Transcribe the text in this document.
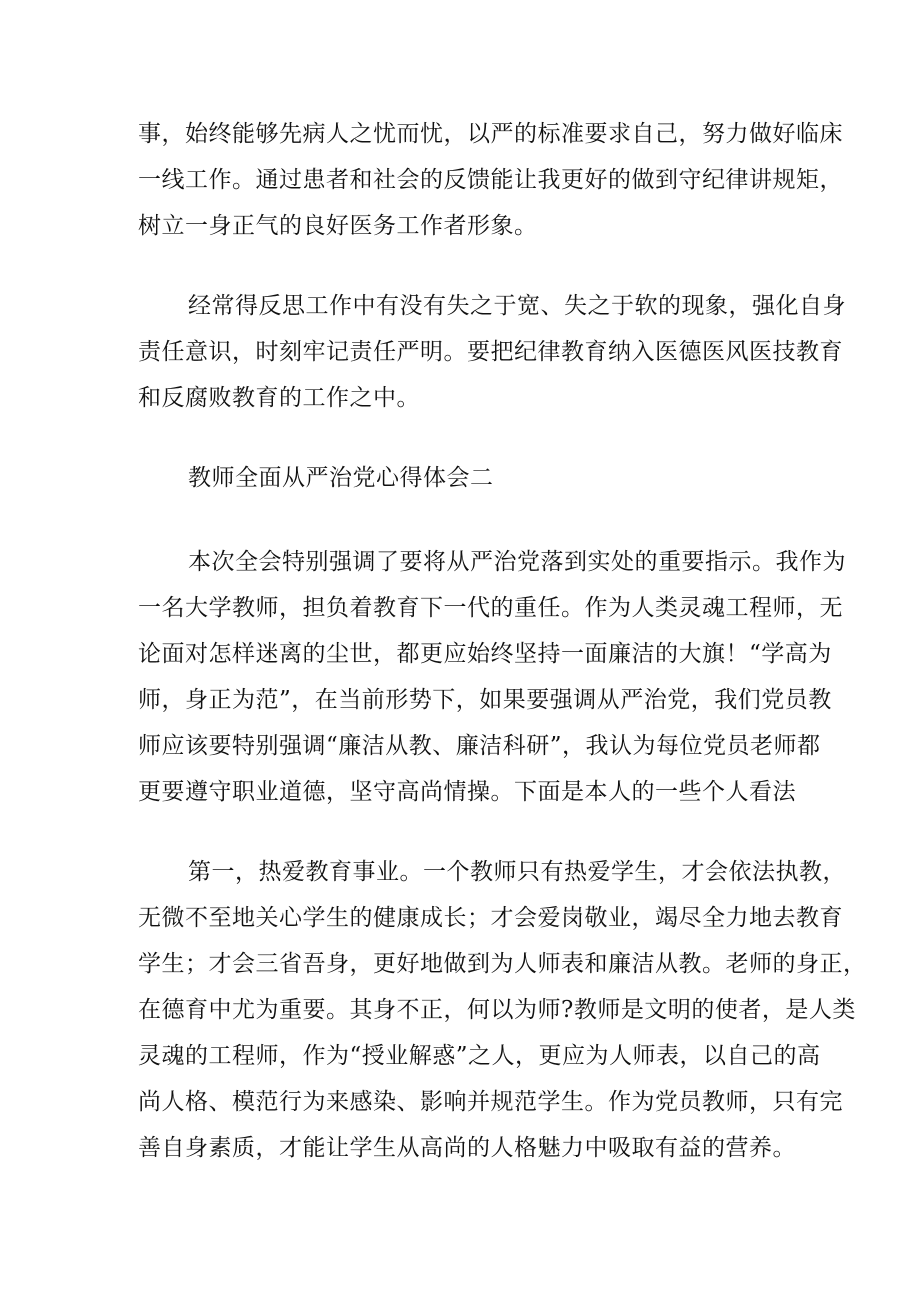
事，始终能够先病人之忧而忧，以严的标准要求自己，努力做好临床
一线工作。通过患者和社会的反馈能让我更好的做到守纪律讲规矩，
树立一身正气的良好医务工作者形象。
经常得反思工作中有没有失之于宽、失之于软的现象，强化自身
责任意识，时刻牢记责任严明。要把纪律教育纳入医德医风医技教育
和反腐败教育的工作之中。
教师全面从严治党心得体会二
本次全会特别强调了要将从严治党落到实处的重要指示。我作为
一名大学教师，担负着教育下一代的重任。作为人类灵魂工程师，无
论面对怎样迷离的尘世，都更应始终坚持一面廉洁的大旗！“学高为
师，身正为范”，在当前形势下，如果要强调从严治党，我们党员教
师应该要特别强调“廉洁从教、廉洁科研”，我认为每位党员老师都
更要遵守职业道德，坚守高尚情操。下面是本人的一些个人看法
第一，热爱教育事业。一个教师只有热爱学生，才会依法执教，
无微不至地关心学生的健康成长；才会爱岗敬业，竭尽全力地去教育
学生；才会三省吾身，更好地做到为人师表和廉洁从教。老师的身正，
在德育中尤为重要。其身不正，何以为师?教师是文明的使者，是人类
灵魂的工程师，作为“授业解惑”之人，更应为人师表，以自己的高
尚人格、模范行为来感染、影响并规范学生。作为党员教师，只有完
善自身素质，才能让学生从高尚的人格魅力中吸取有益的营养。
